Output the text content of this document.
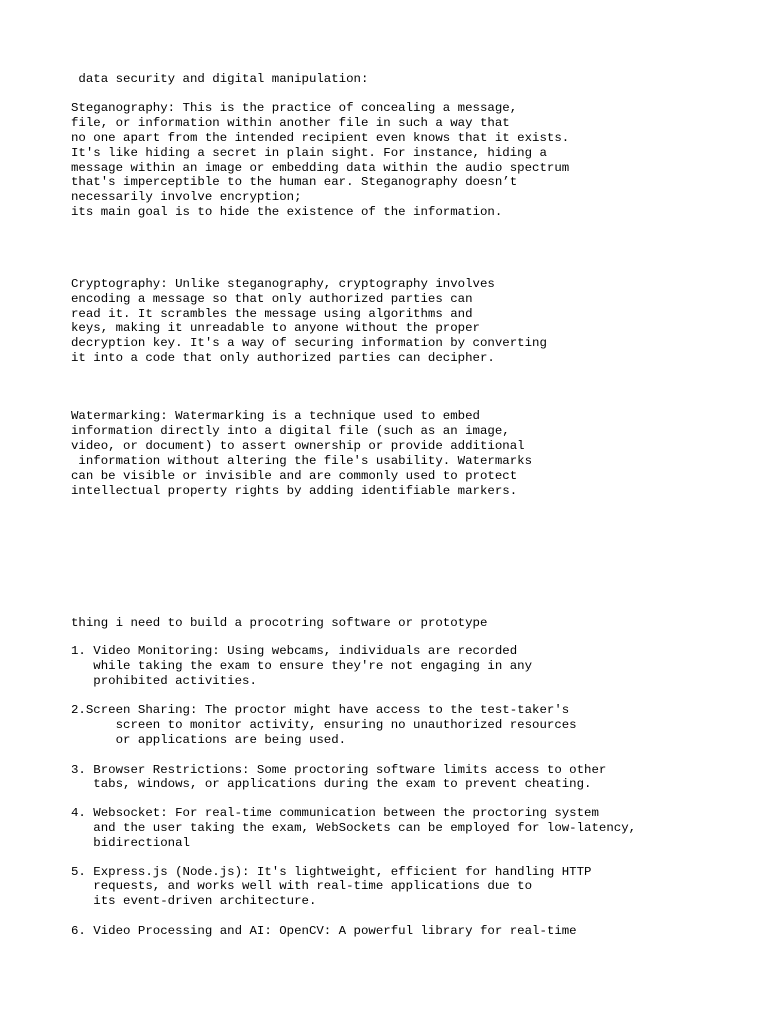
data security and digital manipulation:

Steganography: This is the practice of concealing a message,

file, or information within another file in such a way that

no one apart from the intended recipient even knows that it exists.

It's like hiding a secret in plain sight. For instance, hiding a

message within an image or embedding data within the audio spectrum

that's imperceptible to the human ear. Steganography doesn’t

necessarily involve encryption;

its main goal is to hide the existence of the information.

Cryptography: Unlike steganography, cryptography involves

encoding a message so that only authorized parties can

read it. It scrambles the message using algorithms and

keys, making it unreadable to anyone without the proper

decryption key. It's a way of securing information by converting

it into a code that only authorized parties can decipher.

Watermarking: Watermarking is a technique used to embed

information directly into a digital file (such as an image,

video, or document) to assert ownership or provide additional

information without altering the file's usability. Watermarks

can be visible or invisible and are commonly used to protect

intellectual property rights by adding identifiable markers.

thing i need to build a procotring software or prototype

1. Video Monitoring: Using webcams, individuals are recorded

while taking the exam to ensure they're not engaging in any

prohibited activities.

2.Screen Sharing: The proctor might have access to the test-taker's

screen to monitor activity, ensuring no unauthorized resources

or applications are being used.

3. Browser Restrictions: Some proctoring software limits access to other

tabs, windows, or applications during the exam to prevent cheating.

4. Websocket: For real-time communication between the proctoring system

and the user taking the exam, WebSockets can be employed for low-latency,

bidirectional

5. Express.js (Node.js): It's lightweight, efficient for handling HTTP

requests, and works well with real-time applications due to

its event-driven architecture.

6. Video Processing and AI: OpenCV: A powerful library for real-time
